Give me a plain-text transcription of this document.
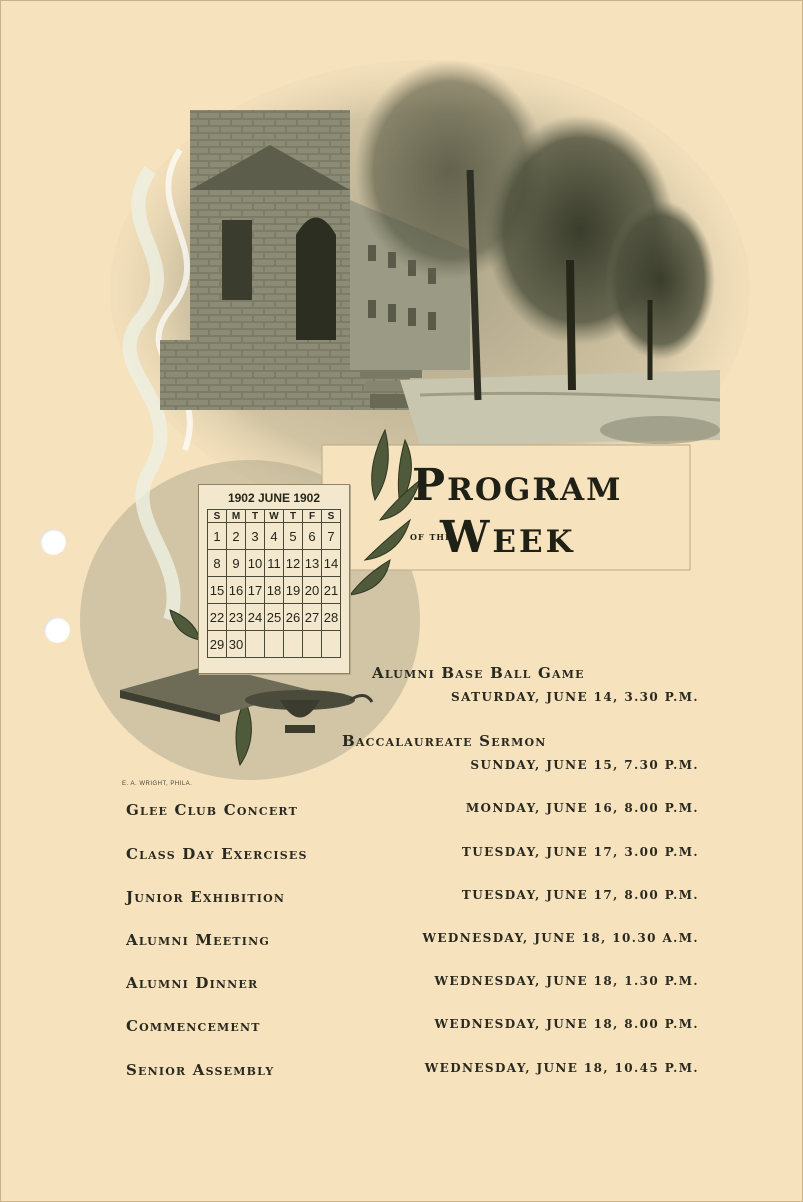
Program
of the
Week
1902 JUNE 1902
S	M	T	W	T	F	S
1	2	3	4	5	6	7
8	9	10	11	12	13	14
15	16	17	18	19	20	21
22	23	24	25	26	27	28
29	30					
E. A. WRIGHT, PHILA.
Alumni Base Ball Game
SATURDAY, JUNE 14, 3.30 P.M.
Baccalaureate Sermon
SUNDAY, JUNE 15, 7.30 P.M.
Glee Club Concert	MONDAY, JUNE 16, 8.00 P.M.
Class Day Exercises	TUESDAY, JUNE 17, 3.00 P.M.
Junior Exhibition	TUESDAY, JUNE 17, 8.00 P.M.
Alumni Meeting	WEDNESDAY, JUNE 18, 10.30 A.M.
Alumni Dinner	WEDNESDAY, JUNE 18, 1.30 P.M.
Commencement	WEDNESDAY, JUNE 18, 8.00 P.M.
Senior Assembly	WEDNESDAY, JUNE 18, 10.45 P.M.
